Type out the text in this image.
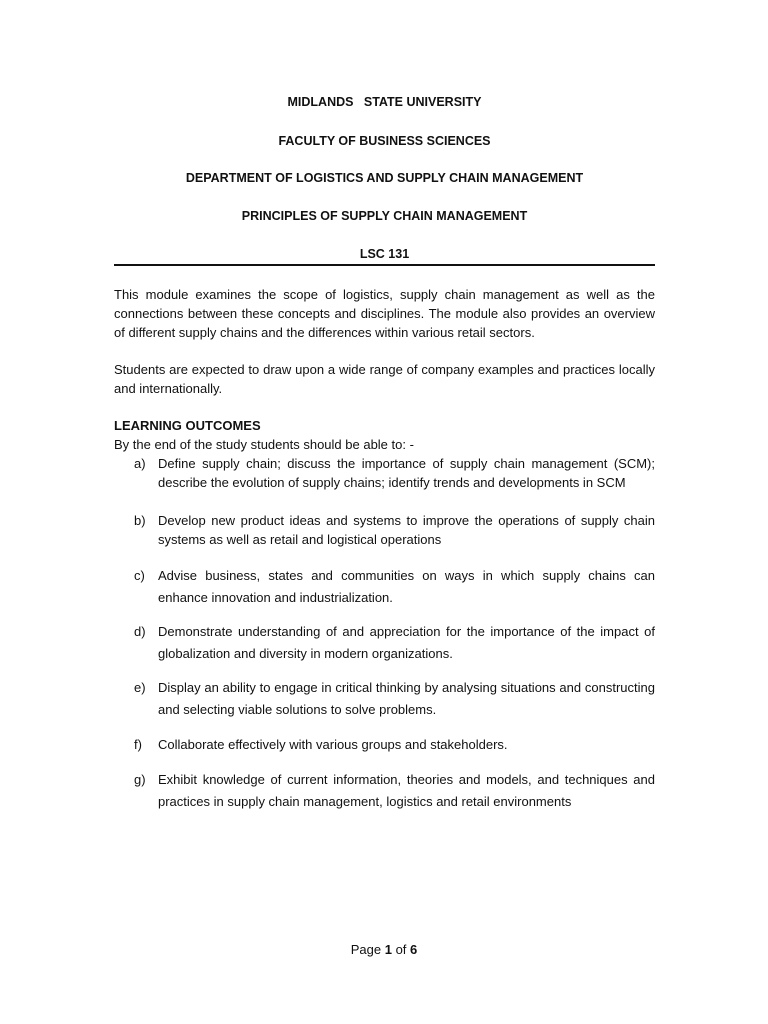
MIDLANDS   STATE UNIVERSITY
FACULTY OF BUSINESS SCIENCES
DEPARTMENT OF LOGISTICS AND SUPPLY CHAIN MANAGEMENT
PRINCIPLES OF SUPPLY CHAIN MANAGEMENT
LSC 131

This module examines the scope of logistics, supply chain management as well as the connections between these concepts and disciplines. The module also provides an overview of different supply chains and the differences within various retail sectors.

Students are expected to draw upon a wide range of company examples and practices locally and internationally.

LEARNING OUTCOMES
By the end of the study students should be able to: -
a) Define supply chain; discuss the importance of supply chain management (SCM); describe the evolution of supply chains; identify trends and developments in SCM
b) Develop new product ideas and systems to improve the operations of supply chain systems as well as retail and logistical operations
c)	Advise business, states and communities on ways in which supply chains can enhance innovation and industrialization.
d) Demonstrate understanding of and appreciation for the importance of the impact of globalization and diversity in modern organizations.
e) Display an ability to engage in critical thinking by analysing situations and constructing and selecting viable solutions to solve problems.
f)	Collaborate effectively with various groups and stakeholders.
g) Exhibit knowledge of current information, theories and models, and techniques and practices in supply chain management, logistics and retail environments
Page 1 of 6
